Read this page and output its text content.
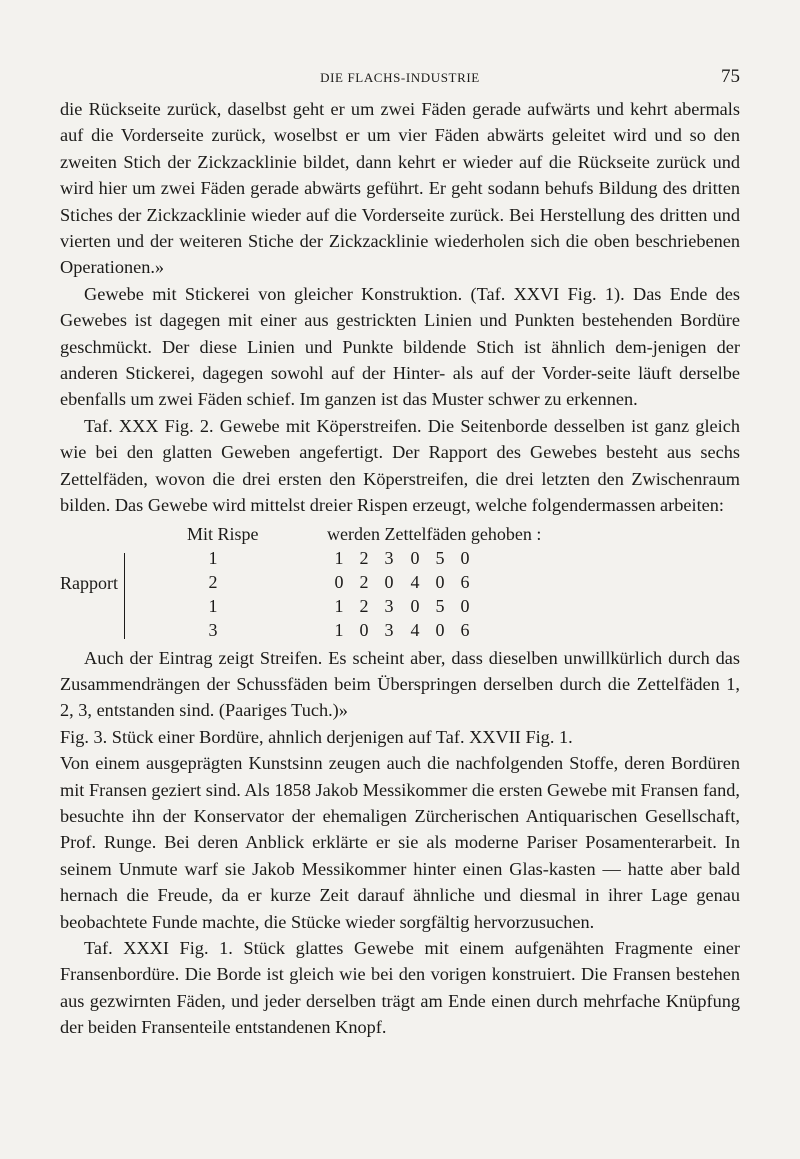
DIE FLACHS-INDUSTRIE	75

die Rückseite zurück, daselbst geht er um zwei Fäden gerade aufwärts und kehrt abermals auf die Vorderseite zurück, woselbst er um vier Fäden abwärts geleitet wird und so den zweiten Stich der Zickzacklinie bildet, dann kehrt er wieder auf die Rückseite zurück und wird hier um zwei Fäden gerade abwärts geführt. Er geht sodann behufs Bildung des dritten Stiches der Zickzacklinie wieder auf die Vorderseite zurück. Bei Herstellung des dritten und vierten und der weiteren Stiche der Zickzacklinie wiederholen sich die oben beschriebenen Operationen.»

Gewebe mit Stickerei von gleicher Konstruktion. (Taf. XXVI Fig. 1). Das Ende des Gewebes ist dagegen mit einer aus gestrickten Linien und Punkten bestehenden Bordüre geschmückt. Der diese Linien und Punkte bildende Stich ist ähnlich dem-jenigen der anderen Stickerei, dagegen sowohl auf der Hinter- als auf der Vorder-seite läuft derselbe ebenfalls um zwei Fäden schief. Im ganzen ist das Muster schwer zu erkennen.

Taf. XXX Fig. 2. Gewebe mit Köperstreifen. Die Seitenborde desselben ist ganz gleich wie bei den glatten Geweben angefertigt. Der Rapport des Gewebes besteht aus sechs Zettelfäden, wovon die drei ersten den Köperstreifen, die drei letzten den Zwischenraum bilden. Das Gewebe wird mittelst dreier Rispen erzeugt, welche folgendermassen arbeiten:

Mit Rispe	werden Zettelfäden gehoben :
Rapport
1	1 2 3 0 5 0
2	0 2 0 4 0 6
1	1 2 3 0 5 0
3	1 0 3 4 0 6

Auch der Eintrag zeigt Streifen. Es scheint aber, dass dieselben unwillkürlich durch das Zusammendrängen der Schussfäden beim Überspringen derselben durch die Zettelfäden 1, 2, 3, entstanden sind. (Paariges Tuch.)»

Fig. 3. Stück einer Bordüre, ahnlich derjenigen auf Taf. XXVII Fig. 1.

Von einem ausgeprägten Kunstsinn zeugen auch die nachfolgenden Stoffe, deren Bordüren mit Fransen geziert sind. Als 1858 Jakob Messikommer die ersten Gewebe mit Fransen fand, besuchte ihn der Konservator der ehemaligen Zürcherischen Antiquarischen Gesellschaft, Prof. Runge. Bei deren Anblick erklärte er sie als moderne Pariser Posamenterarbeit. In seinem Unmute warf sie Jakob Messikommer hinter einen Glas-kasten — hatte aber bald hernach die Freude, da er kurze Zeit darauf ähnliche und diesmal in ihrer Lage genau beobachtete Funde machte, die Stücke wieder sorgfältig hervorzusuchen.

Taf. XXXI Fig. 1. Stück glattes Gewebe mit einem aufgenähten Fragmente einer Fransenbordüre. Die Borde ist gleich wie bei den vorigen konstruiert. Die Fransen bestehen aus gezwirnten Fäden, und jeder derselben trägt am Ende einen durch mehrfache Knüpfung der beiden Fransenteile entstandenen Knopf.
